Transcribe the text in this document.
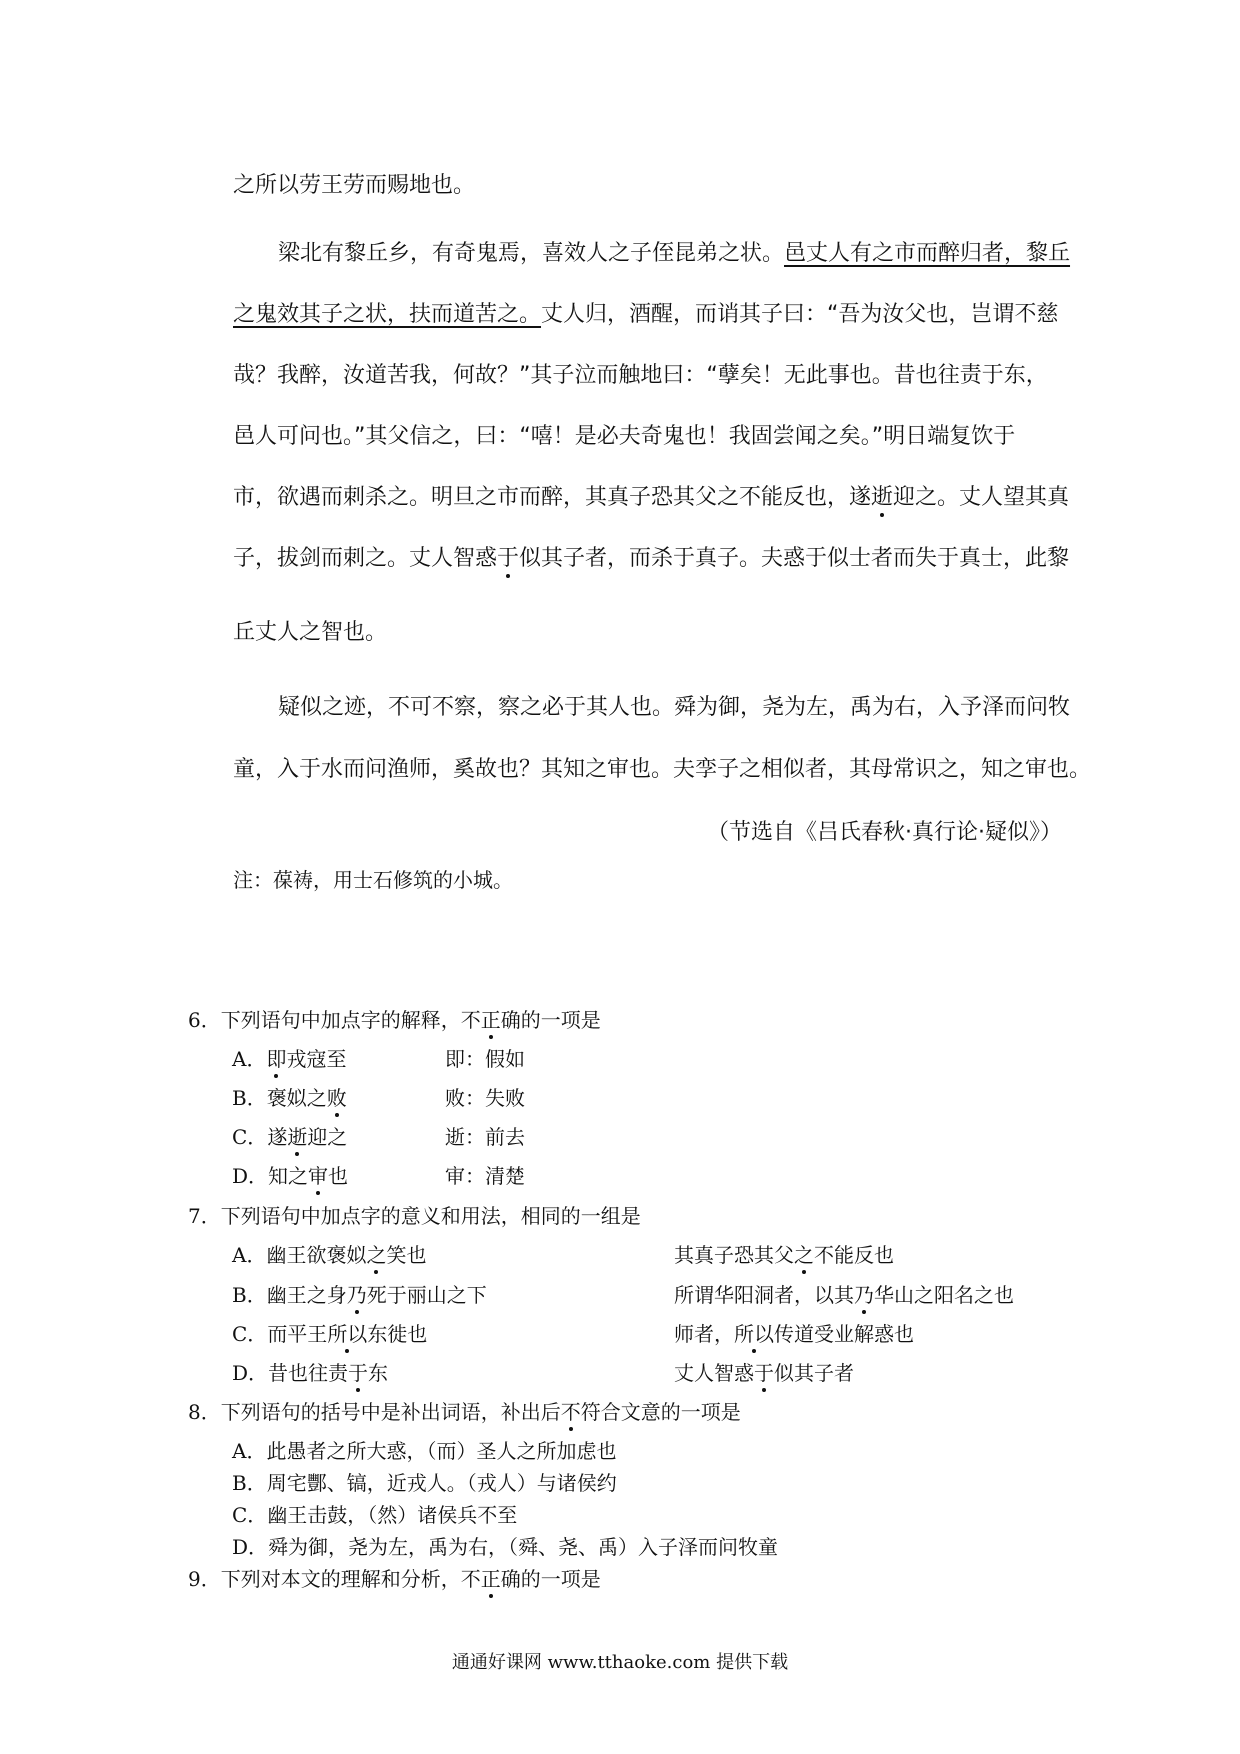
之所以劳王劳而赐地也。
梁北有黎丘乡，有奇鬼焉，喜效人之子侄昆弟之状。邑丈人有之市而醉归者，黎丘
之鬼效其子之状，扶而道苦之。丈人归，酒醒，而诮其子曰：“吾为汝父也，岂谓不慈
哉？我醉，汝道苦我，何故？”其子泣而触地曰：“孽矣！无此事也。昔也往责于东，
邑人可问也。”其父信之，曰：“嘻！是必夫奇鬼也！我固尝闻之矣。”明日端复饮于
市，欲遇而刺杀之。明旦之市而醉，其真子恐其父之不能反也，遂逝迎之。丈人望其真
子，拔剑而刺之。丈人智惑于似其子者，而杀于真子。夫惑于似士者而失于真士，此黎
丘丈人之智也。
疑似之迹，不可不察，察之必于其人也。舜为御，尧为左，禹为右，入予泽而问牧
童，入于水而问渔师，奚故也？其知之审也。夫孪子之相似者，其母常识之，知之审也。
（节选自《吕氏春秋·真行论·疑似》）
注：葆祷，用士石修筑的小城。
6．下列语句中加点字的解释，不正确的一项是
A．即戎寇至	即：假如
B．褒姒之败	败：失败
C．遂逝迎之	逝：前去
D．知之审也	审：清楚
7．下列语句中加点字的意义和用法，相同的一组是
A．幽王欲褒姒之笑也	其真子恐其父之不能反也
B．幽王之身乃死于丽山之下	所谓华阳洞者，以其乃华山之阳名之也
C．而平王所以东徙也	师者，所以传道受业解惑也
D．昔也往责于东	丈人智惑于似其子者
8．下列语句的括号中是补出词语，补出后不符合文意的一项是
A．此愚者之所大惑，（而）圣人之所加虑也
B．周宅酆、镐，近戎人。（戎人）与诸侯约
C．幽王击鼓，（然）诸侯兵不至
D．舜为御，尧为左，禹为右，（舜、尧、禹）入子泽而问牧童
9．下列对本文的理解和分析，不正确的一项是
通通好课网 www.tthaoke.com 提供下载
